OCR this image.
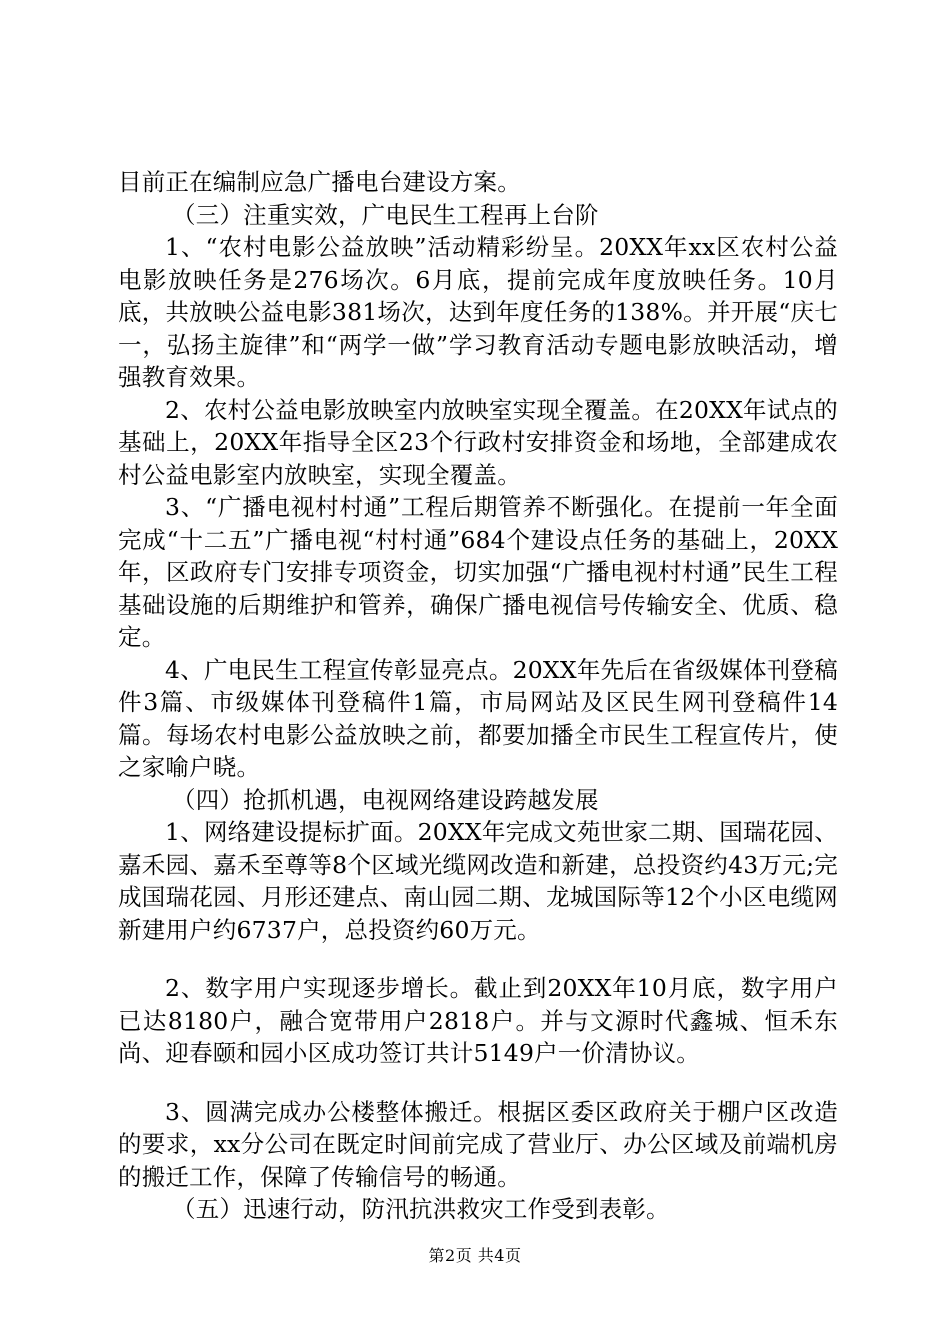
目前正在编制应急广播电台建设方案。

（三）注重实效，广电民生工程再上台阶

1、“农村电影公益放映”活动精彩纷呈。20XX年xx区农村公益电影放映任务是276场次。6月底，提前完成年度放映任务。10月底，共放映公益电影381场次，达到年度任务的138%。并开展“庆七一，弘扬主旋律”和“两学一做”学习教育活动专题电影放映活动，增强教育效果。

2、农村公益电影放映室内放映室实现全覆盖。在20XX年试点的基础上，20XX年指导全区23个行政村安排资金和场地，全部建成农村公益电影室内放映室，实现全覆盖。

3、“广播电视村村通”工程后期管养不断强化。在提前一年全面完成“十二五”广播电视“村村通”684个建设点任务的基础上，20XX年，区政府专门安排专项资金，切实加强“广播电视村村通”民生工程基础设施的后期维护和管养，确保广播电视信号传输安全、优质、稳定。

4、广电民生工程宣传彰显亮点。20XX年先后在省级媒体刊登稿件3篇、市级媒体刊登稿件1篇，市局网站及区民生网刊登稿件14篇。每场农村电影公益放映之前，都要加播全市民生工程宣传片，使之家喻户晓。

（四）抢抓机遇，电视网络建设跨越发展

1、网络建设提标扩面。20XX年完成文苑世家二期、国瑞花园、嘉禾园、嘉禾至尊等8个区域光缆网改造和新建，总投资约43万元;完成国瑞花园、月形还建点、南山园二期、龙城国际等12个小区电缆网新建用户约6737户，总投资约60万元。

2、数字用户实现逐步增长。截止到20XX年10月底，数字用户已达8180户，融合宽带用户2818户。并与文源时代鑫城、恒禾东尚、迎春颐和园小区成功签订共计5149户一价清协议。

3、圆满完成办公楼整体搬迁。根据区委区政府关于棚户区改造的要求，xx分公司在既定时间前完成了营业厅、办公区域及前端机房的搬迁工作，保障了传输信号的畅通。

（五）迅速行动，防汛抗洪救灾工作受到表彰。

第2页 共4页
